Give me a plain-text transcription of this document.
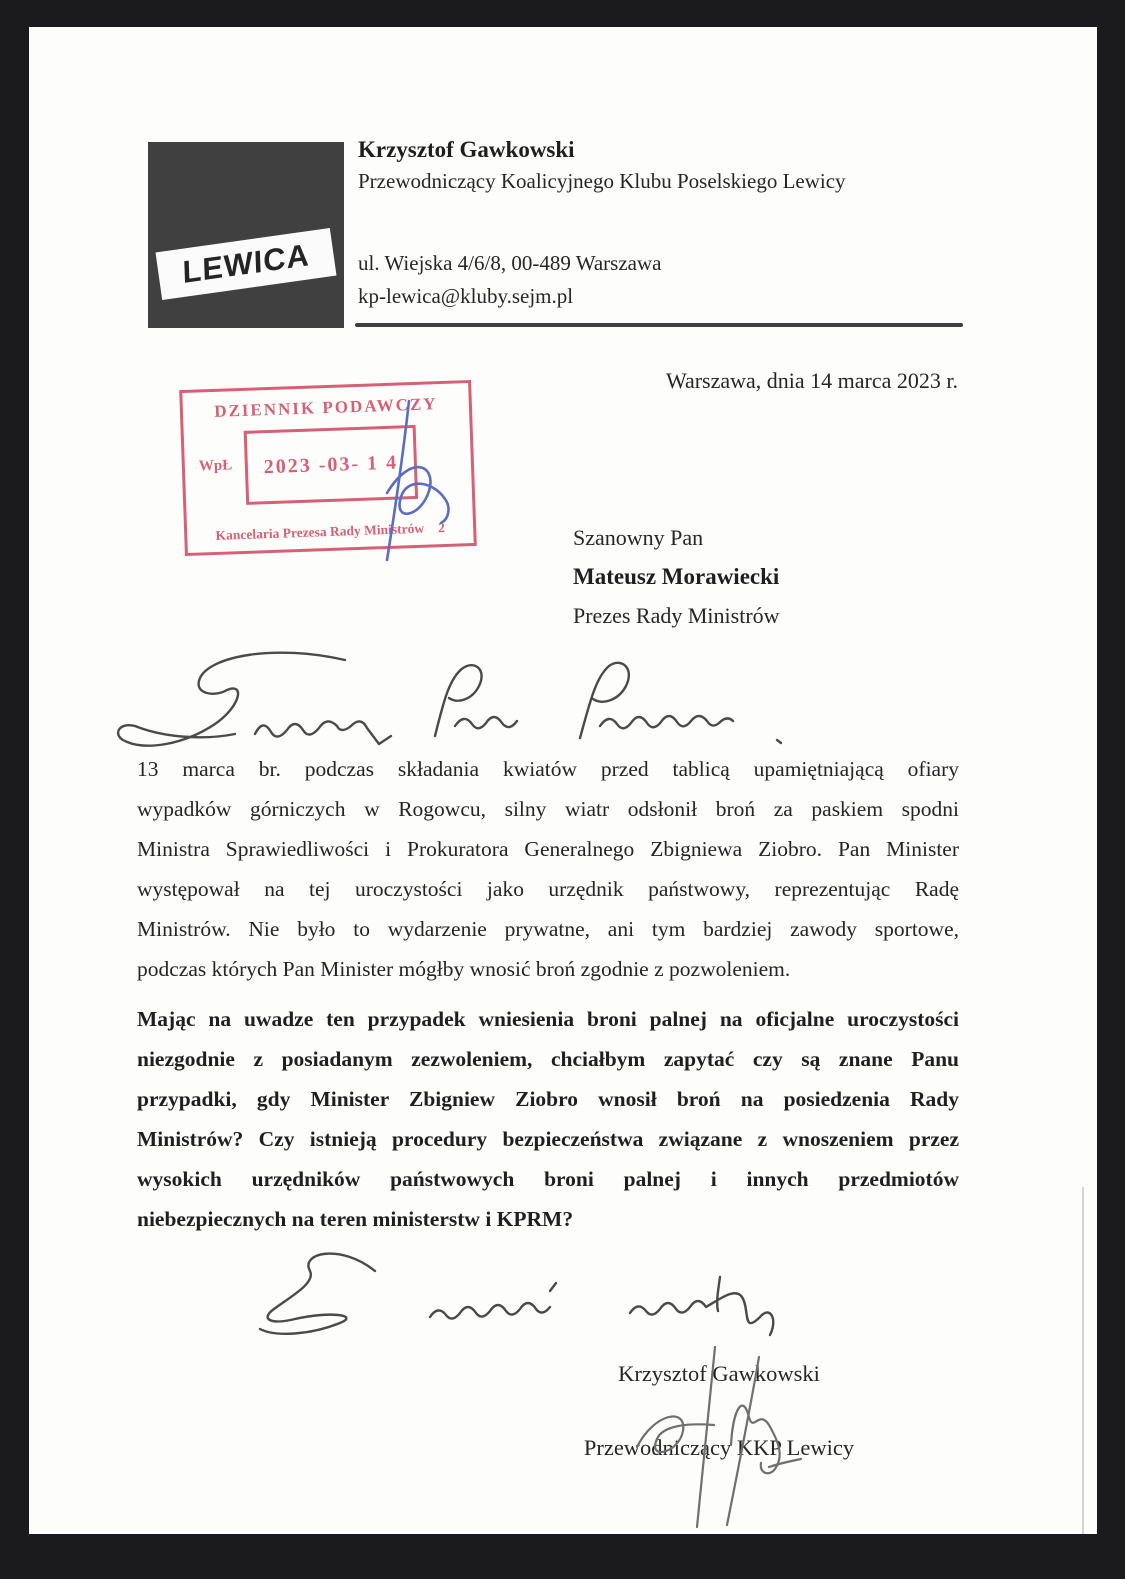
LEWICA
Krzysztof Gawkowski
Przewodniczący Koalicyjnego Klubu Poselskiego Lewicy
ul. Wiejska 4/6/8, 00-489 Warszawa
kp-lewica@kluby.sejm.pl
DZIENNIK PODAWCZY
WpŁ 2023 -03- 1 4
Kancelaria Prezesa Rady Ministrów 2
Warszawa, dnia 14 marca 2023 r.
Szanowny Pan
Mateusz Morawiecki
Prezes Rady Ministrów
13 marca br. podczas składania kwiatów przed tablicą upamiętniającą ofiary
wypadków górniczych w Rogowcu, silny wiatr odsłonił broń za paskiem spodni
Ministra Sprawiedliwości i Prokuratora Generalnego Zbigniewa Ziobro. Pan Minister
występował na tej uroczystości jako urzędnik państwowy, reprezentując Radę
Ministrów. Nie było to wydarzenie prywatne, ani tym bardziej zawody sportowe,
podczas których Pan Minister mógłby wnosić broń zgodnie z pozwoleniem.
Mając na uwadze ten przypadek wniesienia broni palnej na oficjalne uroczystości
niezgodnie z posiadanym zezwoleniem, chciałbym zapytać czy są znane Panu
przypadki, gdy Minister Zbigniew Ziobro wnosił broń na posiedzenia Rady
Ministrów? Czy istnieją procedury bezpieczeństwa związane z wnoszeniem przez
wysokich urzędników państwowych broni palnej i innych przedmiotów
niebezpiecznych na teren ministerstw i KPRM?
Krzysztof Gawkowski
Przewodniczący KKP Lewicy
